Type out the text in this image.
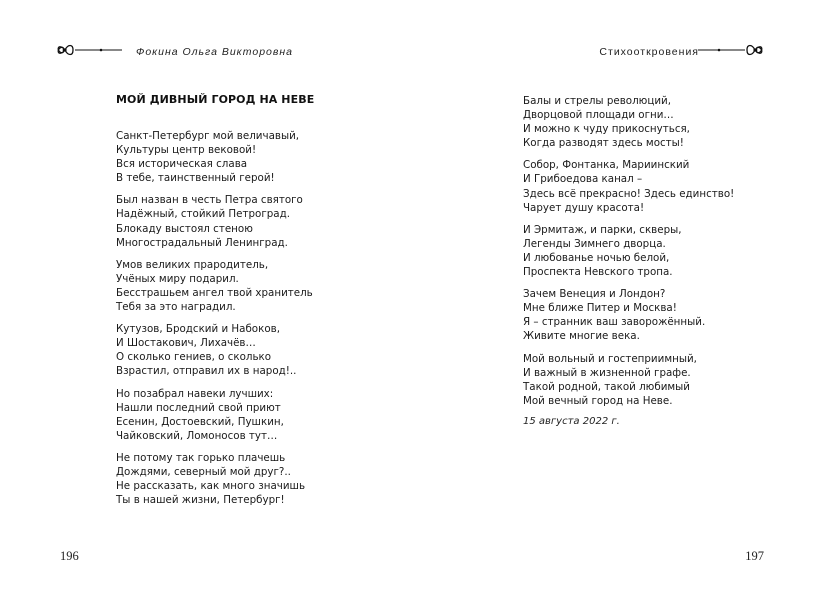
Фокина Ольга Викторовна
МОЙ ДИВНЫЙ ГОРОД НА НЕВЕ
Санкт-Петербург мой величавый,
Культуры центр вековой!
Вся историческая слава
В тебе, таинственный герой!
Был назван в честь Петра святого
Надёжный, стойкий Петроград.
Блокаду выстоял стеною
Многострадальный Ленинград.
Умов великих прародитель,
Учёных миру подарил.
Бесстрашьем ангел твой хранитель
Тебя за это наградил.
Кутузов, Бродский и Набоков,
И Шостакович, Лихачёв…
О сколько гениев, о сколько
Взрастил, отправил их в народ!..
Но позабрал навеки лучших:
Нашли последний свой приют
Есенин, Достоевский, Пушкин,
Чайковский, Ломоносов тут…
Не потому так горько плачешь
Дождями, северный мой друг?..
Не рассказать, как много значишь
Ты в нашей жизни, Петербург!
196
Стихооткровения
Балы и стрелы революций,
Дворцовой площади огни…
И можно к чуду прикоснуться,
Когда разводят здесь мосты!
Собор, Фонтанка, Мариинский
И Грибоедова канал –
Здесь всё прекрасно! Здесь единство!
Чарует душу красота!
И Эрмитаж, и парки, скверы,
Легенды Зимнего дворца.
И любованье ночью белой,
Проспекта Невского тропа.
Зачем Венеция и Лондон?
Мне ближе Питер и Москва!
Я – странник ваш заворожённый.
Живите многие века.
Мой вольный и гостеприимный,
И важный в жизненной графе.
Такой родной, такой любимый
Мой вечный город на Неве.
15 августа 2022 г.
197
